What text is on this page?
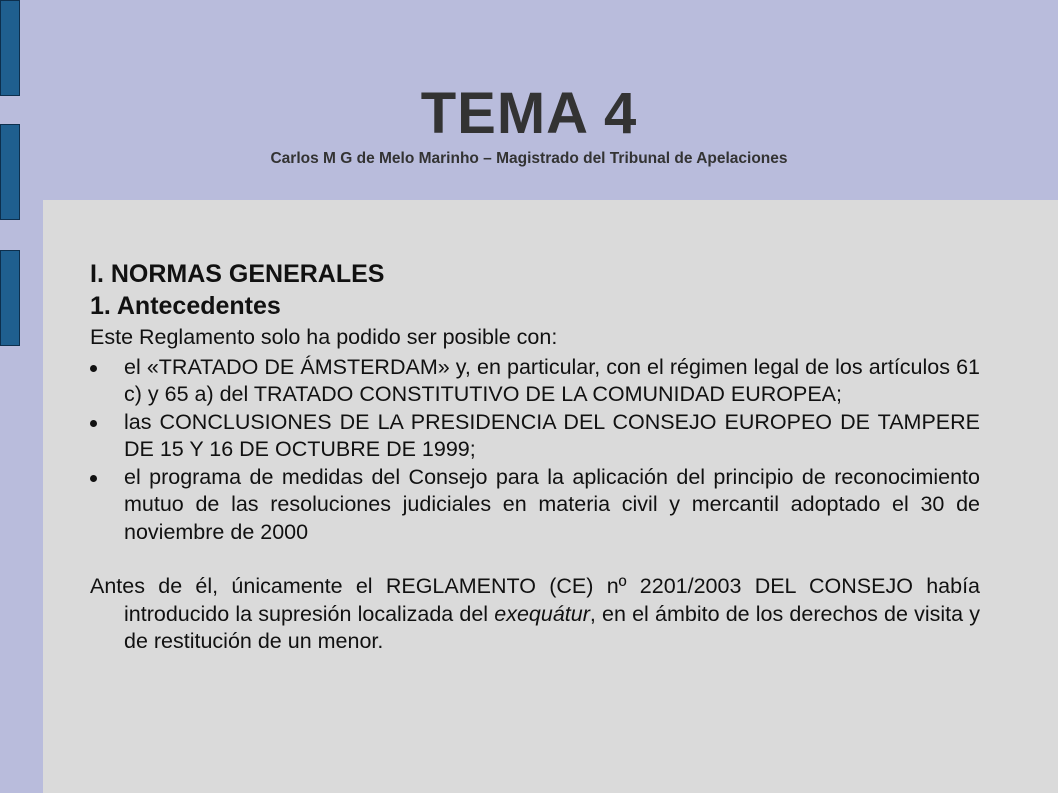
TEMA 4
Carlos M G de Melo Marinho – Magistrado del Tribunal de Apelaciones
I. NORMAS GENERALES
1. Antecedentes
Este Reglamento solo ha podido ser posible con:
el «TRATADO DE ÁMSTERDAM» y, en particular, con el régimen legal de los artículos 61 c) y 65 a) del TRATADO CONSTITUTIVO DE LA COMUNIDAD EUROPEA;
las CONCLUSIONES DE LA PRESIDENCIA DEL CONSEJO EUROPEO DE TAMPERE DE 15 Y 16 DE OCTUBRE DE 1999;
el programa de medidas del Consejo para la aplicación del principio de reconocimiento mutuo de las resoluciones judiciales en materia civil y mercantil adoptado el 30 de noviembre de 2000
Antes de él, únicamente el REGLAMENTO (CE) nº 2201/2003 DEL CONSEJO había introducido la supresión localizada del exequátur, en el ámbito de los derechos de visita y de restitución de un menor.
